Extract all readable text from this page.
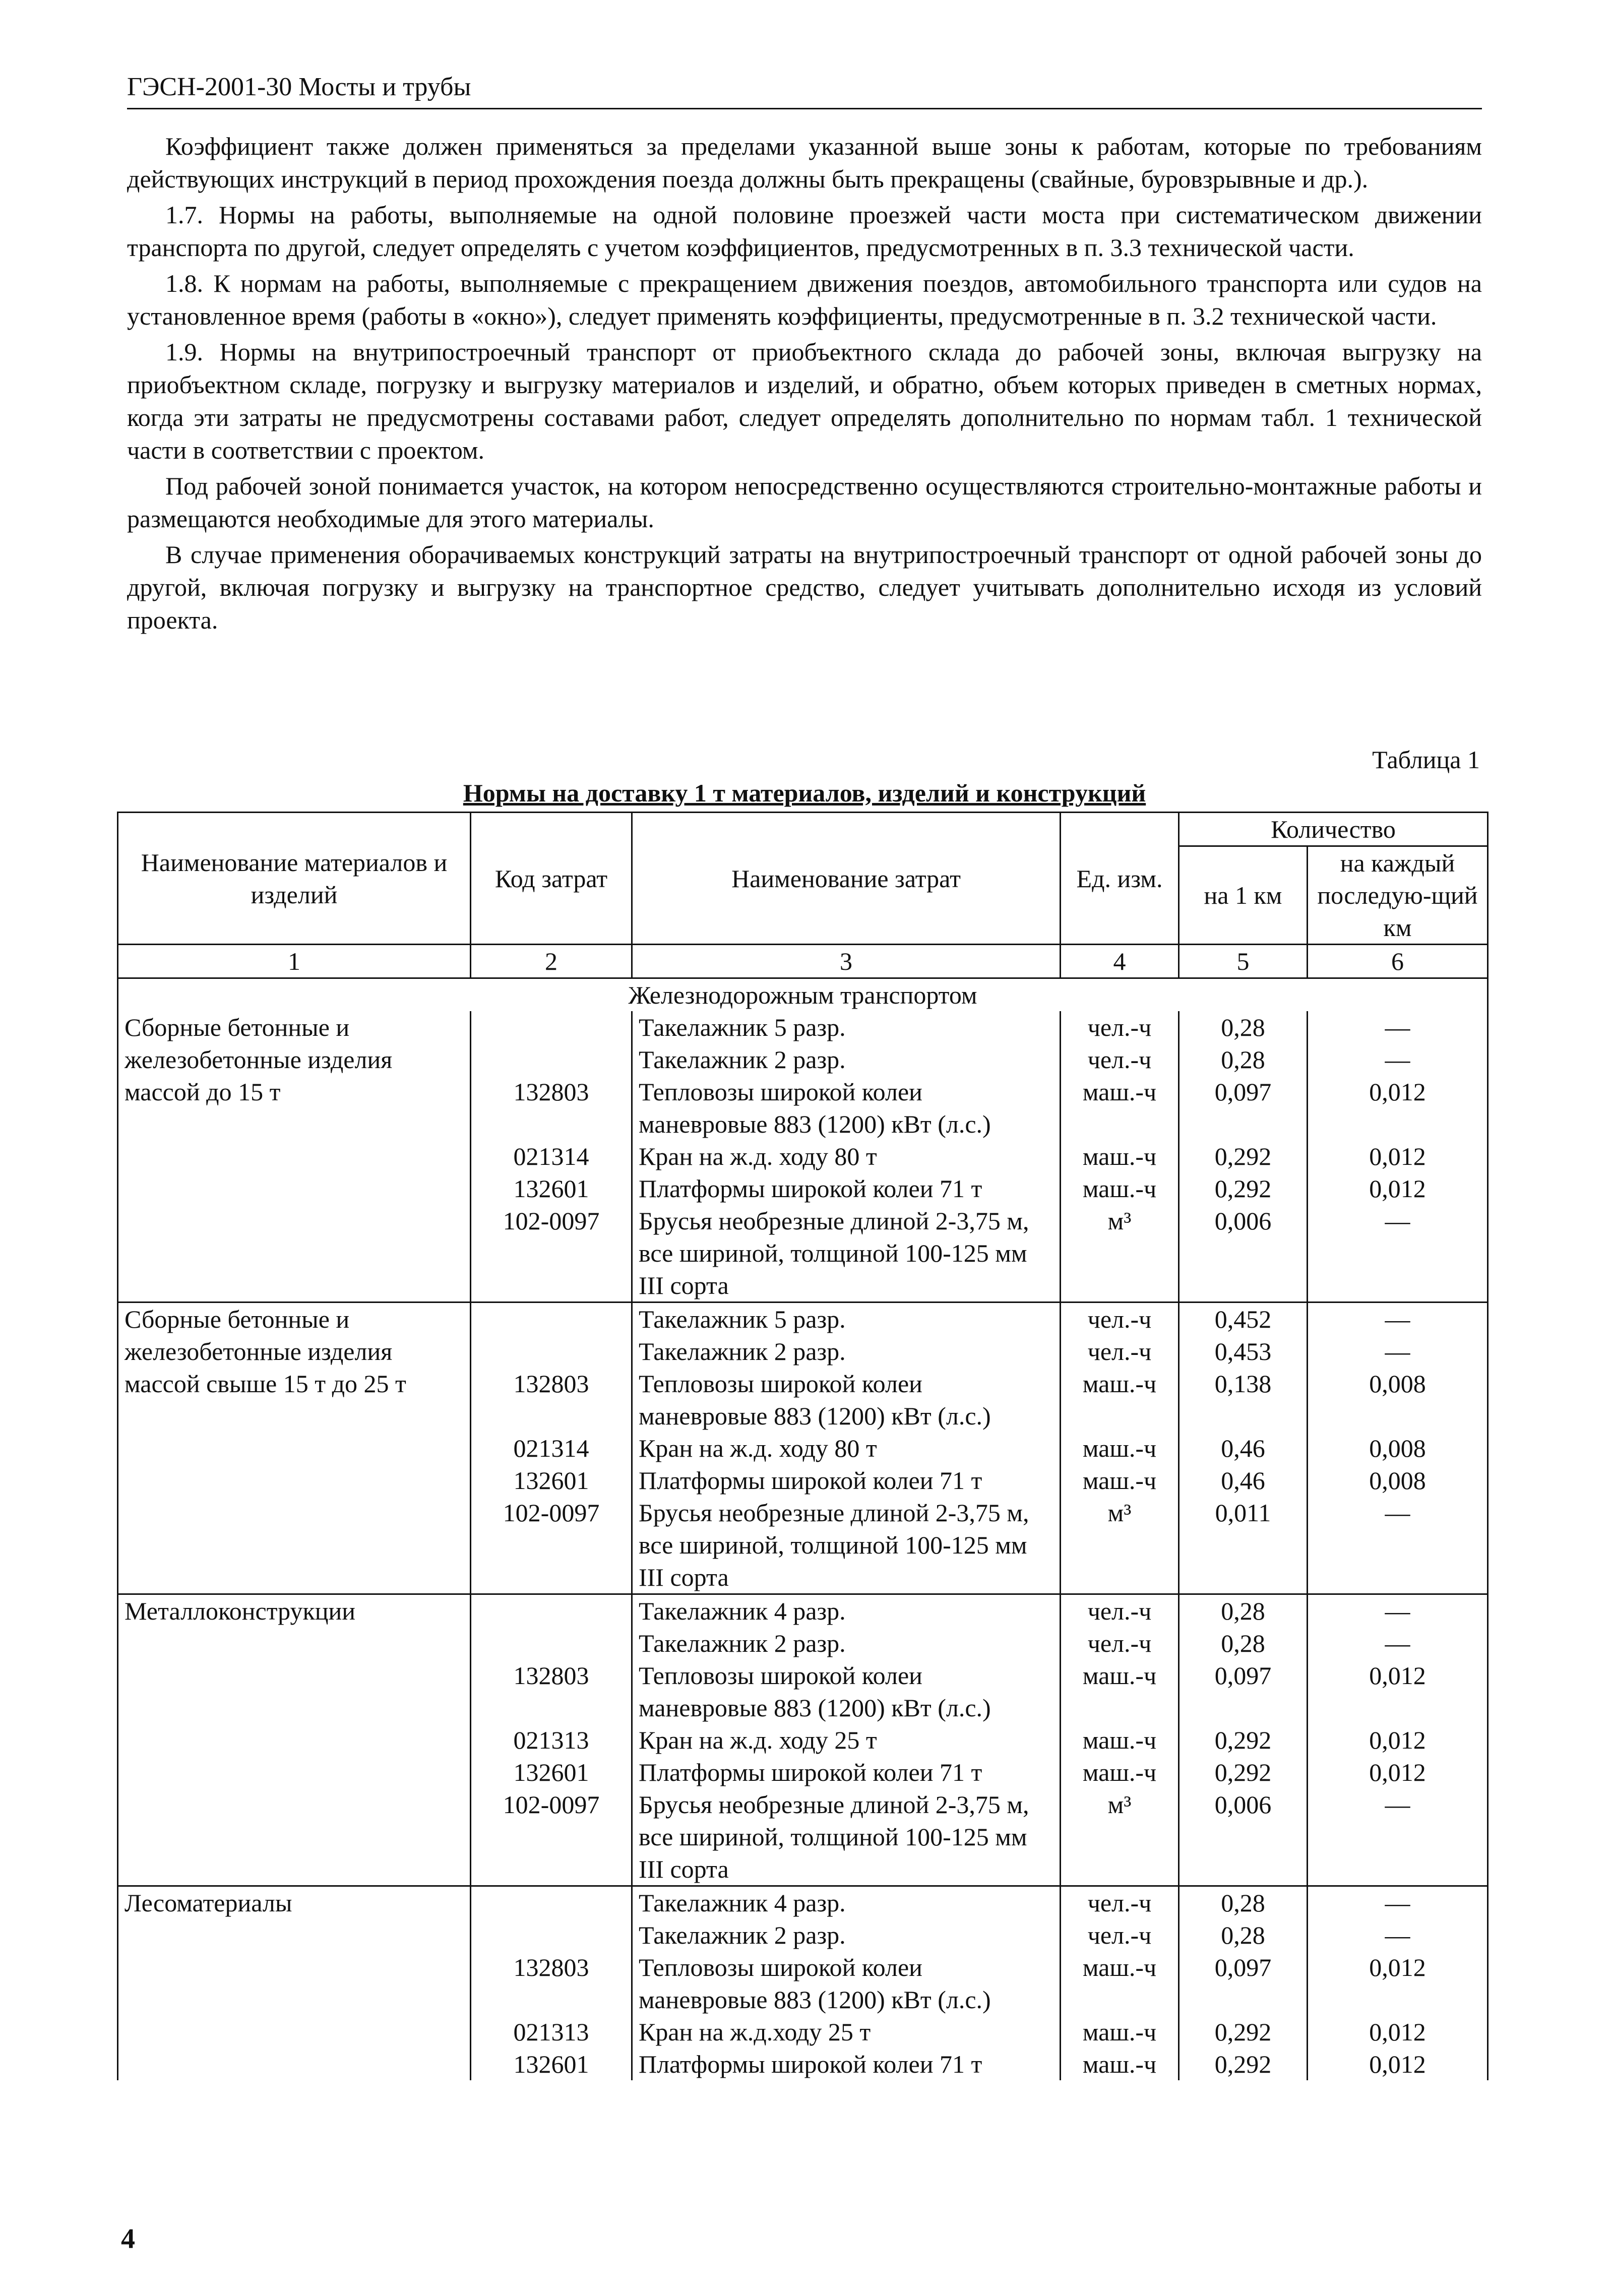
ГЭСН-2001-30 Мосты и трубы

Коэффициент также должен применяться за пределами указанной выше зоны к работам, которые по требованиям действующих инструкций в период прохождения поезда должны быть прекращены (свайные, буровзрывные и др.).

1.7. Нормы на работы, выполняемые на одной половине проезжей части моста при систематическом движении транспорта по другой, следует определять с учетом коэффициентов, предусмотренных в п. 3.3 технической части.

1.8. К нормам на работы, выполняемые с прекращением движения поездов, автомобильного транспорта или судов на установленное время (работы в «окно»), следует применять коэффициенты, предусмотренные в п. 3.2 технической части.

1.9. Нормы на внутрипостроечный транспорт от приобъектного склада до рабочей зоны, включая выгрузку на приобъектном складе, погрузку и выгрузку материалов и изделий, и обратно, объем которых приведен в сметных нормах, когда эти затраты не предусмотрены составами работ, следует определять дополнительно по нормам табл. 1 технической части в соответствии с проектом.

Под рабочей зоной понимается участок, на котором непосредственно осуществляются строительно-монтажные работы и размещаются необходимые для этого материалы.

В случае применения оборачиваемых конструкций затраты на внутрипостроечный транспорт от одной рабочей зоны до другой, включая погрузку и выгрузку на транспортное средство, следует учитывать дополнительно исходя из условий проекта.

Таблица 1
Нормы на доставку 1 т материалов, изделий и конструкций
Наименование материалов и изделий	Код затрат	Наименование затрат	Ед. изм.	Количество	
				на 1 км	на каждый последую-щий км
1	2	3	4	5	6
Железнодорожным транспортом					
Сборные бетонные и железобетонные изделия массой до 15 т		Такелажник 5 разр.	чел.-ч	0,28	—
		Такелажник 2 разр.	чел.-ч	0,28	—
	132803	Тепловозы широкой колеи маневровые 883 (1200) кВт (л.с.)	маш.-ч	0,097	0,012
	021314	Кран на ж.д. ходу 80 т	маш.-ч	0,292	0,012
	132601	Платформы широкой колеи 71 т	маш.-ч	0,292	0,012
	102-0097	Брусья необрезные длиной 2-3,75 м, все шириной, толщиной 100-125 мм III сорта	м³	0,006	—
Сборные бетонные и железобетонные изделия массой свыше 15 т до 25 т		Такелажник 5 разр.	чел.-ч	0,452	—
		Такелажник 2 разр.	чел.-ч	0,453	—
	132803	Тепловозы широкой колеи маневровые 883 (1200) кВт (л.с.)	маш.-ч	0,138	0,008
	021314	Кран на ж.д. ходу 80 т	маш.-ч	0,46	0,008
	132601	Платформы широкой колеи 71 т	маш.-ч	0,46	0,008
	102-0097	Брусья необрезные длиной 2-3,75 м, все шириной, толщиной 100-125 мм III сорта	м³	0,011	—
Металлоконструкции		Такелажник 4 разр.	чел.-ч	0,28	—
		Такелажник 2 разр.	чел.-ч	0,28	—
	132803	Тепловозы широкой колеи маневровые 883 (1200) кВт (л.с.)	маш.-ч	0,097	0,012
	021313	Кран на ж.д. ходу 25 т	маш.-ч	0,292	0,012
	132601	Платформы широкой колеи 71 т	маш.-ч	0,292	0,012
	102-0097	Брусья необрезные длиной 2-3,75 м, все шириной, толщиной 100-125 мм III сорта	м³	0,006	—
Лесоматериалы		Такелажник 4 разр.	чел.-ч	0,28	—
		Такелажник 2 разр.	чел.-ч	0,28	—
	132803	Тепловозы широкой колеи маневровые 883 (1200) кВт (л.с.)	маш.-ч	0,097	0,012
	021313	Кран на ж.д.ходу 25 т	маш.-ч	0,292	0,012
	132601	Платформы широкой колеи 71 т	маш.-ч	0,292	0,012
4
